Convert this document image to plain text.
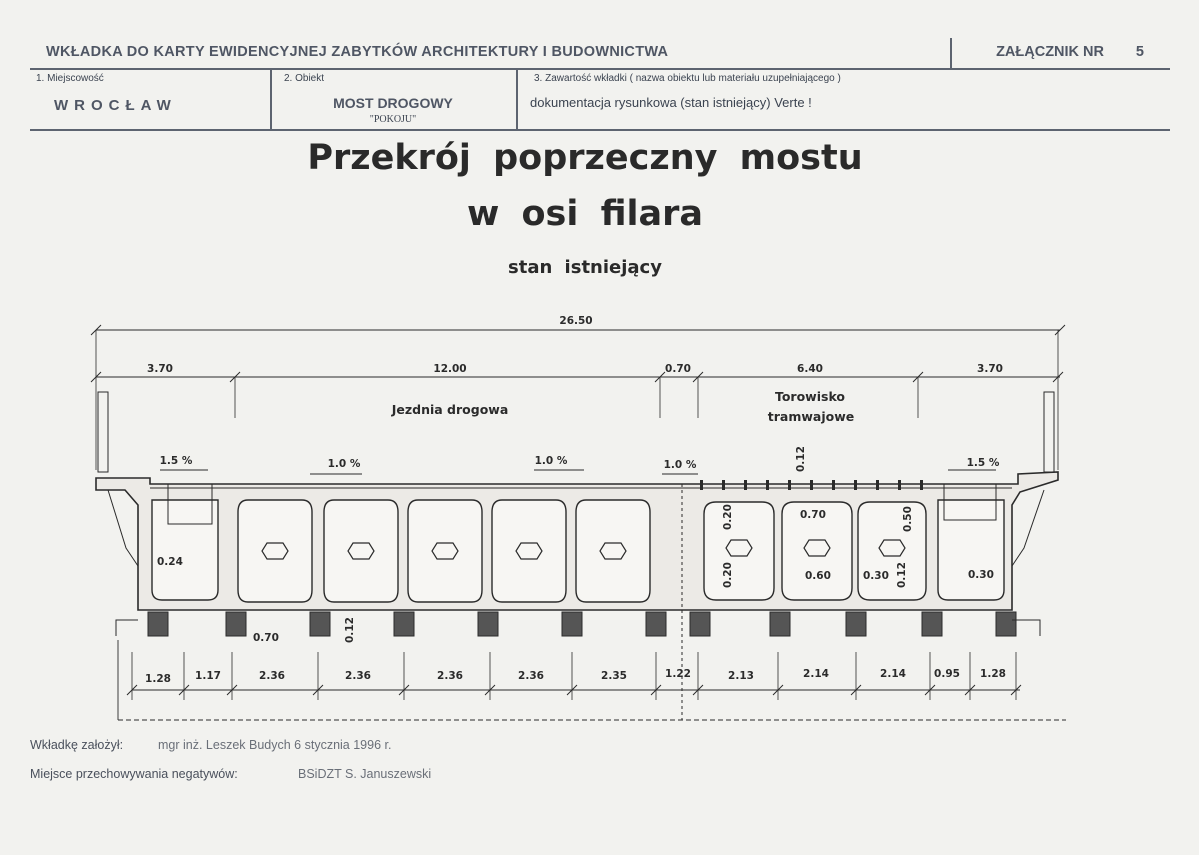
WKŁADKA DO KARTY EWIDENCYJNEJ ZABYTKÓW ARCHITEKTURY I BUDOWNICTWA	ZAŁĄCZNIK NR 5
1. Miejscowość
WROCŁAW
2. Obiekt
MOST DROGOWY
"POKOJU"
3. Zawartość wkładki ( nazwa obiektu lub materiału uzupełniającego )
dokumentacja rysunkowa (stan istniejący) Verte !
Przekrój poprzeczny mostu
w osi filara
stan istniejący
26.50
3.70	12.00	0.70	6.40	3.70
Jezdnia drogowa
Torowisko
tramwajowe
1.5 %	1.0 %	1.0 %	1.0 %	1.5 %
0.12
0.70
0.20
0.20	0.60	0.30
0.50
0.12	0.30
0.24
0.12
0.70
1.28 1.17	2.36	2.36	2.36	2.36	2.35	1.22	2.13	2.14	2.14	0.95 1.28
Wkładkę założył:	mgr inż. Leszek Budych 6 stycznia 1996 r.
Miejsce przechowywania negatywów:	BSiDZT S. Januszewski
